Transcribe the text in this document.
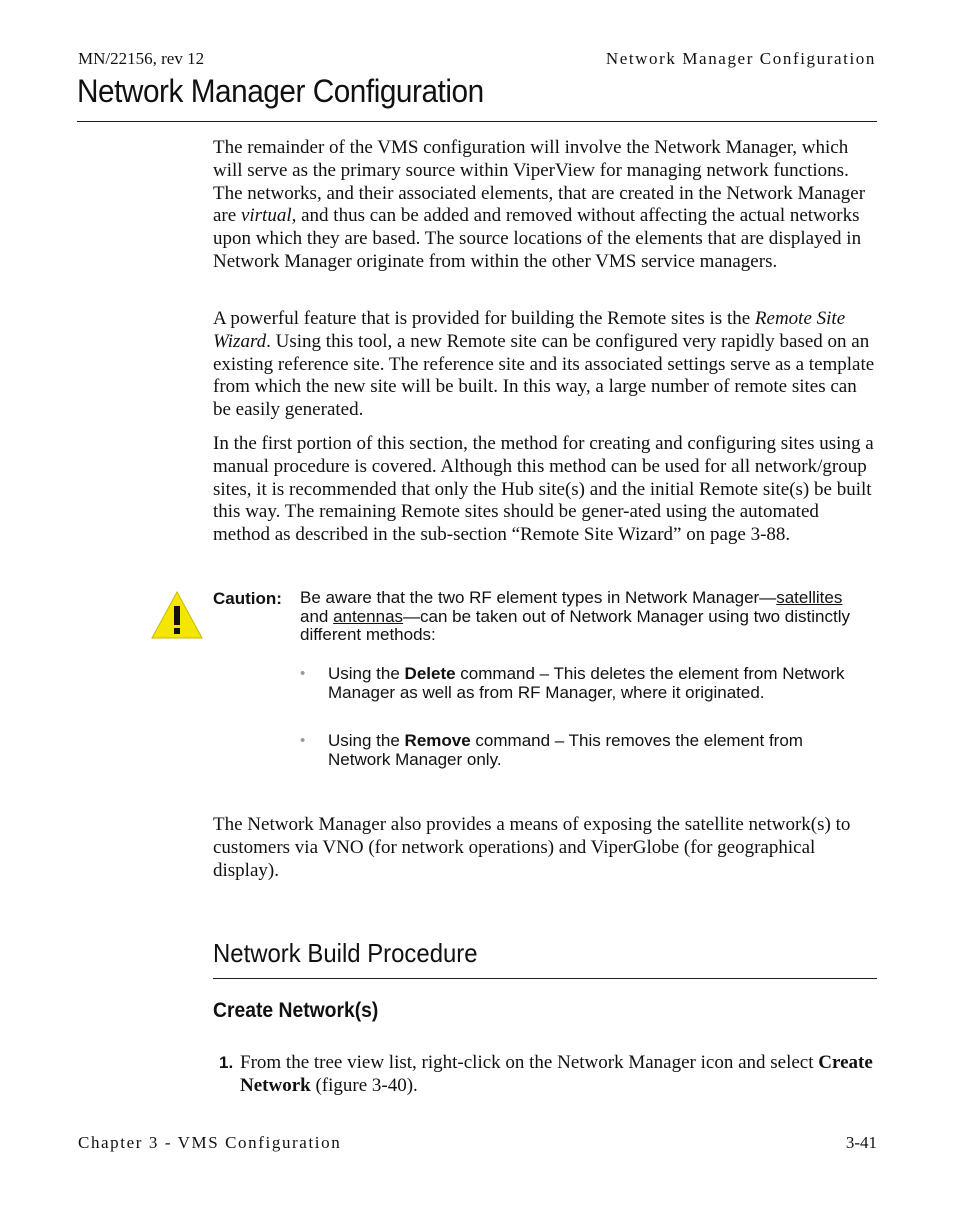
MN/22156, rev 12	Network Manager Configuration
Network Manager Configuration

The remainder of the VMS configuration will involve the Network Manager, which will serve as the primary source within ViperView for managing network functions. The networks, and their associated elements, that are created in the Network Manager are virtual, and thus can be added and removed without affecting the actual networks upon which they are based. The source locations of the elements that are displayed in Network Manager originate from within the other VMS service managers.

A powerful feature that is provided for building the Remote sites is the Remote Site Wizard. Using this tool, a new Remote site can be configured very rapidly based on an existing reference site. The reference site and its associated settings serve as a template from which the new site will be built. In this way, a large number of remote sites can be easily generated.

In the first portion of this section, the method for creating and configuring sites using a manual procedure is covered. Although this method can be used for all network/group sites, it is recommended that only the Hub site(s) and the initial Remote site(s) be built this way. The remaining Remote sites should be gener-ated using the automated method as described in the sub-section “Remote Site Wizard” on page 3-88.

Caution: Be aware that the two RF element types in Network Manager—satellites and antennas—can be taken out of Network Manager using two distinctly different methods:

• Using the Delete command – This deletes the element from Network Manager as well as from RF Manager, where it originated.
• Using the Remove command – This removes the element from Network Manager only.

The Network Manager also provides a means of exposing the satellite network(s) to customers via VNO (for network operations) and ViperGlobe (for geographical display).

Network Build Procedure
Create Network(s)
1. From the tree view list, right-click on the Network Manager icon and select Create Network (figure 3-40).
Chapter 3 - VMS Configuration	3-41
